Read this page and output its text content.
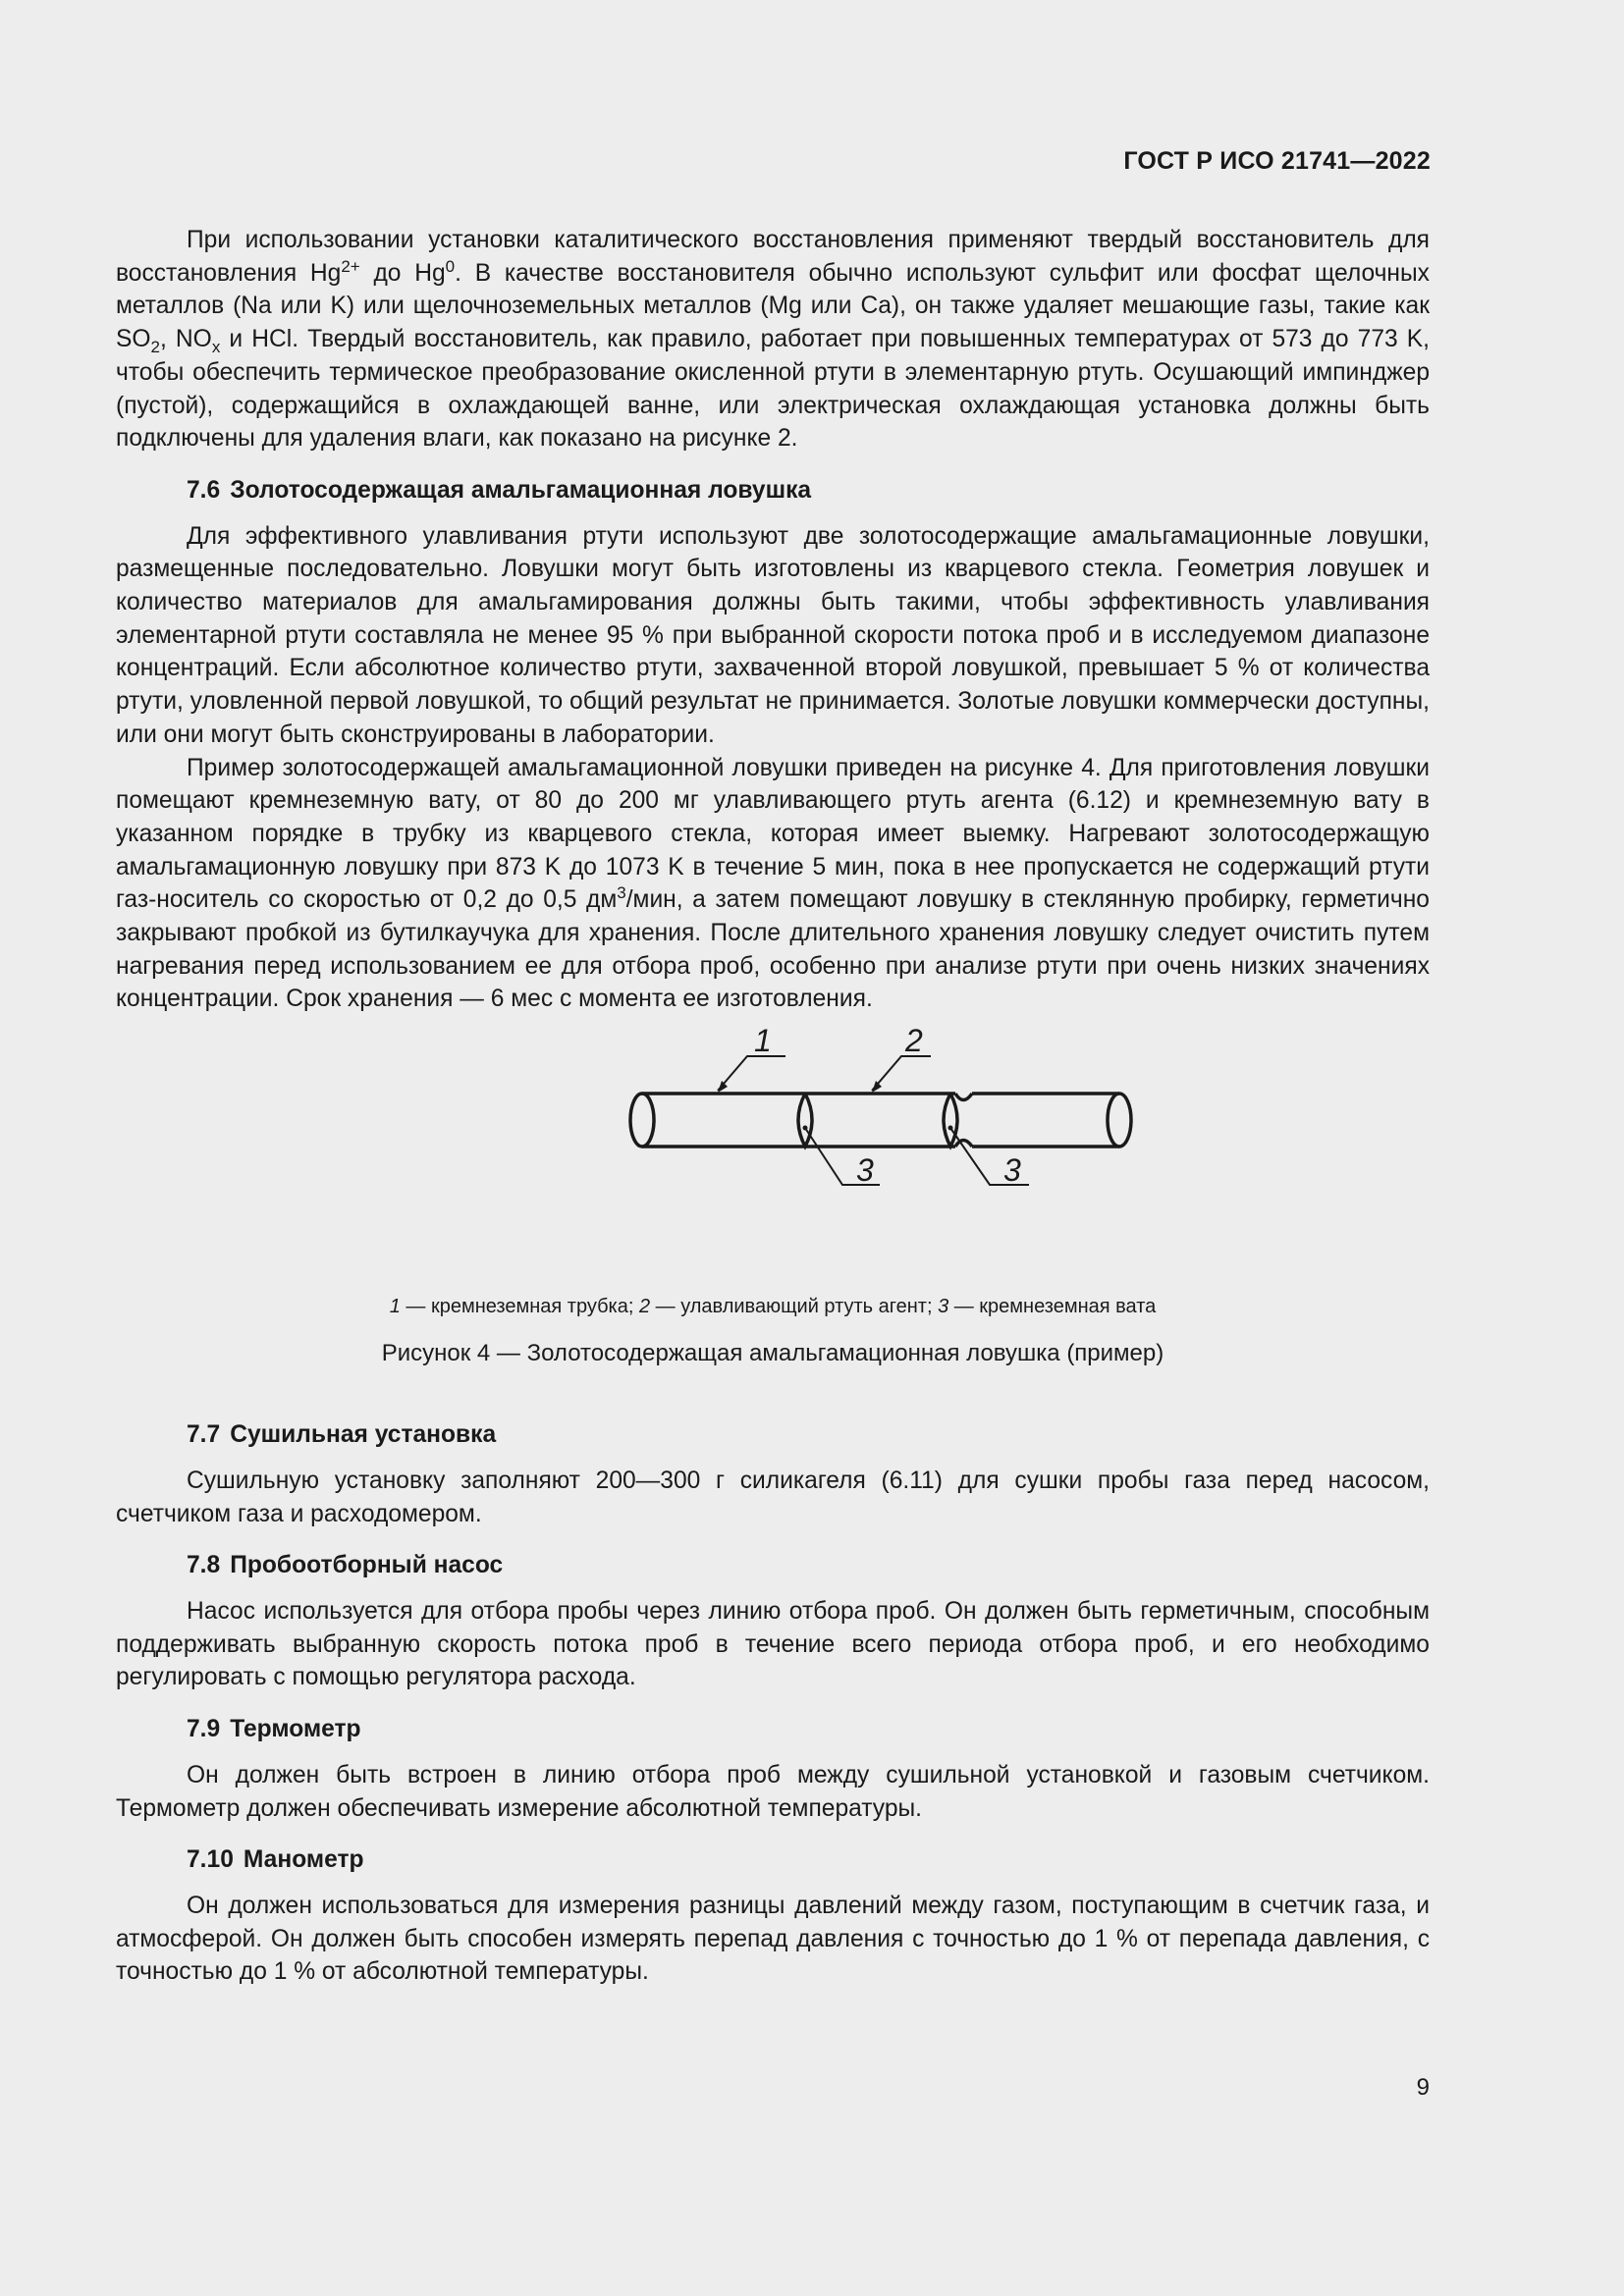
ГОСТ Р ИСО 21741—2022

При использовании установки каталитического восстановления применяют твердый восстановитель для восстановления $Hg^{2+}$ до Hg$^0$. В качестве восстановителя обычно используют сульфит или фосфат щелочных металлов (Na или K) или щелочноземельных металлов (Mg или Ca), он также удаляет мешающие газы, такие как $SO_2$, $NO_x$ и HCl. Твердый восстановитель, как правило, работает при повышенных температурах от 573 до 773 K, чтобы обеспечить термическое преобразование окисленной ртути в элементарную ртуть. Осушающий импинджер (пустой), содержащийся в охлаждающей ванне, или электрическая охлаждающая установка должны быть подключены для удаления влаги, как показано на рисунке 2.

7.6 Золотосодержащая амальгамационная ловушка

Для эффективного улавливания ртути используют две золотосодержащие амальгамационные ловушки, размещенные последовательно. Ловушки могут быть изготовлены из кварцевого стекла. Геометрия ловушек и количество материалов для амальгамирования должны быть такими, чтобы эффективность улавливания элементарной ртути составляла не менее 95 % при выбранной скорости потока проб и в исследуемом диапазоне концентраций. Если абсолютное количество ртути, захваченной второй ловушкой, превышает 5 % от количества ртути, уловленной первой ловушкой, то общий результат не принимается. Золотые ловушки коммерчески доступны, или они могут быть сконструированы в лаборатории.

Пример золотосодержащей амальгамационной ловушки приведен на рисунке 4. Для приготовления ловушки помещают кремнеземную вату, от 80 до 200 мг улавливающего ртуть агента (6.12) и кремнеземную вату в указанном порядке в трубку из кварцевого стекла, которая имеет выемку. Нагревают золотосодержащую амальгамационную ловушку при 873 K до 1073 K в течение 5 мин, пока в нее пропускается не содержащий ртути газ-носитель со скоростью от 0,2 до 0,5 $дм^3$/мин, а затем помещают ловушку в стеклянную пробирку, герметично закрывают пробкой из бутилкаучука для хранения. После длительного хранения ловушку следует очистить путем нагревания перед использованием ее для отбора проб, особенно при анализе ртути при очень низких значениях концентрации. Срок хранения — 6 мес с момента ее изготовления.

1	2
3	3

1 — кремнеземная трубка; 2 — улавливающий ртуть агент; 3 — кремнеземная вата

Рисунок 4 — Золотосодержащая амальгамационная ловушка (пример)

7.7 Сушильная установка

Сушильную установку заполняют 200—300 г силикагеля (6.11) для сушки пробы газа перед насосом, счетчиком газа и расходомером.

7.8 Пробоотборный насос

Насос используется для отбора пробы через линию отбора проб. Он должен быть герметичным, способным поддерживать выбранную скорость потока проб в течение всего периода отбора проб, и его необходимо регулировать с помощью регулятора расхода.

7.9 Термометр

Он должен быть встроен в линию отбора проб между сушильной установкой и газовым счетчиком. Термометр должен обеспечивать измерение абсолютной температуры.

7.10 Манометр

Он должен использоваться для измерения разницы давлений между газом, поступающим в счетчик газа, и атмосферой. Он должен быть способен измерять перепад давления с точностью до 1 % от перепада давления, с точностью до 1 % от абсолютной температуры.

9
